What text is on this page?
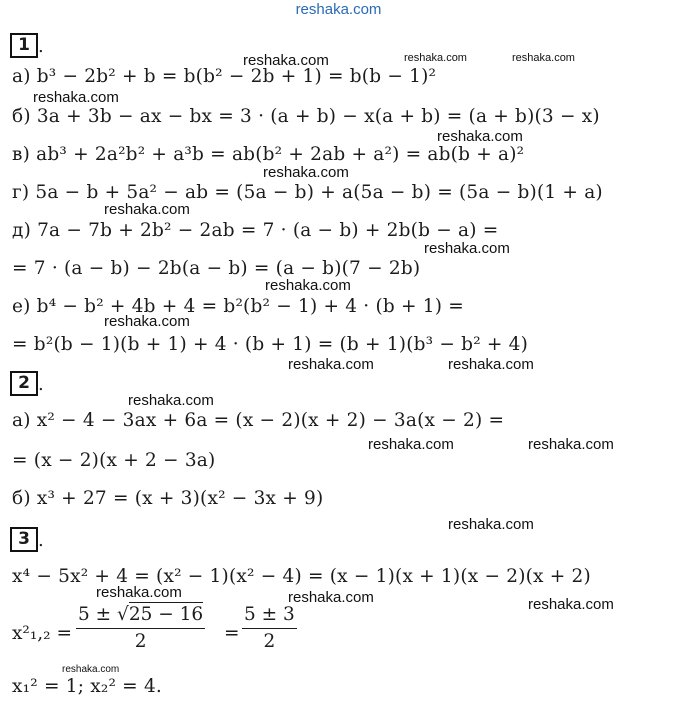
reshaka.com
1 .
а) b³ − 2b² + b = b(b² − 2b + 1) = b(b − 1)²
б) 3a + 3b − ax − bx = 3 · (a + b) − x(a + b) = (a + b)(3 − x)
в) ab³ + 2a²b² + a³b = ab(b² + 2ab + a²) = ab(b + a)²
г) 5a − b + 5a² − ab = (5a − b) + a(5a − b) = (5a − b)(1 + a)
д) 7a − 7b + 2b² − 2ab = 7 · (a − b) + 2b(b − a) =
= 7 · (a − b) − 2b(a − b) = (a − b)(7 − 2b)
е) b⁴ − b² + 4b + 4 = b²(b² − 1) + 4 · (b + 1) =
= b²(b − 1)(b + 1) + 4 · (b + 1) = (b + 1)(b³ − b² + 4)
2 .
а) x² − 4 − 3ax + 6a = (x − 2)(x + 2) − 3a(x − 2) =
= (x − 2)(x + 2 − 3a)
б) x³ + 27 = (x + 3)(x² − 3x + 9)
3 .
x⁴ − 5x² + 4 = (x² − 1)(x² − 4) = (x − 1)(x + 1)(x − 2)(x + 2)
$x^2_1,_2 = \frac{5 \pm √25 - 16}{2} = \frac{5 \pm 3}{2}$
x₁² = 1; x₂² = 4.
reshaka.com	reshaka.com	reshaka.com
reshaka.com
reshaka.com
reshaka.com
reshaka.com
reshaka.com
reshaka.com
reshaka.com
reshaka.com	reshaka.com
reshaka.com
reshaka.com	reshaka.com
reshaka.com
reshaka.com	reshaka.com	reshaka.com
reshaka.com
